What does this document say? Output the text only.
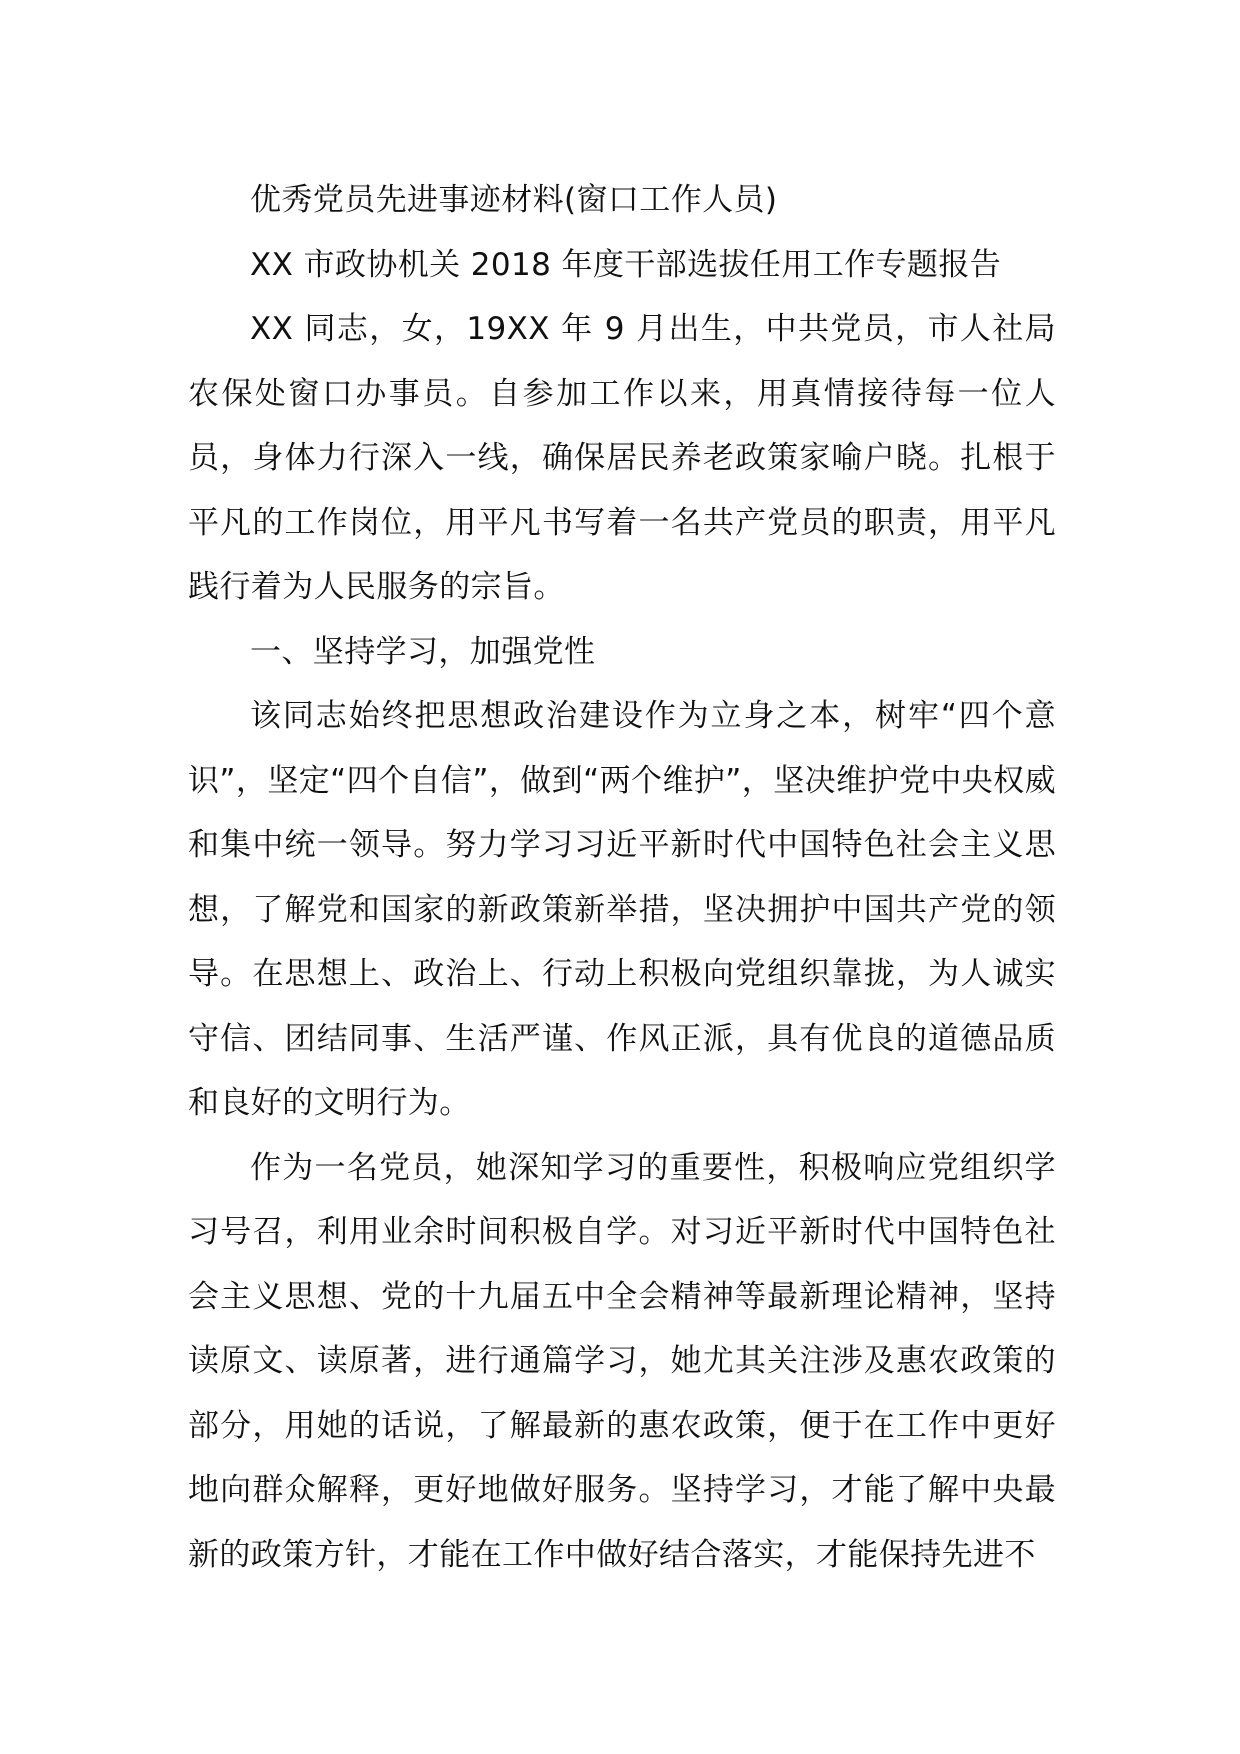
优秀党员先进事迹材料(窗口工作人员)

XX 市政协机关 2018 年度干部选拔任用工作专题报告

XX 同志，女，19XX 年 9 月出生，中共党员，市人社局农保处窗口办事员。自参加工作以来，用真情接待每一位人员，身体力行深入一线，确保居民养老政策家喻户晓。扎根于平凡的工作岗位，用平凡书写着一名共产党员的职责，用平凡践行着为人民服务的宗旨。

一、坚持学习，加强党性

该同志始终把思想政治建设作为立身之本，树牢“四个意识”，坚定“四个自信”，做到“两个维护”，坚决维护党中央权威和集中统一领导。努力学习习近平新时代中国特色社会主义思想，了解党和国家的新政策新举措，坚决拥护中国共产党的领导。在思想上、政治上、行动上积极向党组织靠拢，为人诚实守信、团结同事、生活严谨、作风正派，具有优良的道德品质和良好的文明行为。

作为一名党员，她深知学习的重要性，积极响应党组织学习号召，利用业余时间积极自学。对习近平新时代中国特色社会主义思想、党的十九届五中全会精神等最新理论精神，坚持读原文、读原著，进行通篇学习，她尤其关注涉及惠农政策的部分，用她的话说，了解最新的惠农政策，便于在工作中更好地向群众解释，更好地做好服务。坚持学习，才能了解中央最新的政策方针，才能在工作中做好结合落实，才能保持先进不
